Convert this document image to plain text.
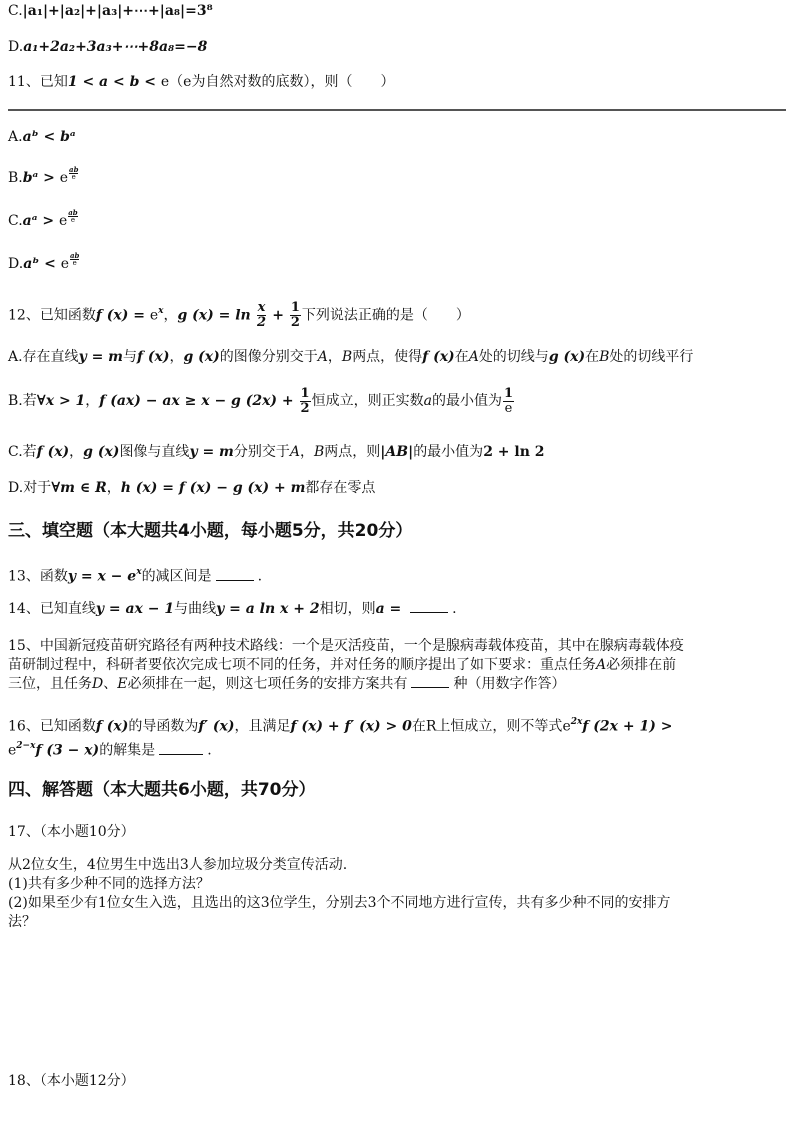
C.|a₁|+|a₂|+|a₃|+⋯+|a₈|=3⁸
D.a₁+2a₂+3a₃+⋯+8a₈=−8
11、已知1 < a < b < e（e为自然对数的底数），则（ ）
A.aᵇ < bᵃ
B.bᵃ > e $\frac{ab}{e}$
C.aᵃ > e $\frac{ab}{e}$
D.aᵇ < e $\frac{ab}{e}$
12、已知函数f $(x) = e^x$，g $(x) = \ln \frac{x}{2} + \frac{1}{2}$ 下列说法正确的是（ ）
A.存在直线y = m与f (x)，g (x)的图像分别交于A，B两点，使得f (x)在A处的切线与g (x)在B处的切线平行
B.若∀x > 1，f (ax) − ax ≥ x − g $(2x) + \frac{1}{2}$ 恒成立，则正实数a的最小值为 $\frac{1}{e}$
C.若f (x)，g (x)图像与直线y = m分别交于A，B两点，则|AB|的最小值为2 + ln 2
D.对于∀m ∈ R，h (x) = f (x) − g (x) + m都存在零点
三、填空题（本大题共4小题，每小题5分，共20分）
13、函数$y = x - e^x$的减区间是	.
14、已知直线y = ax − 1与曲线y = a ln x + 2相切，则a =	.
15、中国新冠疫苗研究路径有两种技术路线：一个是灭活疫苗，一个是腺病毒载体疫苗，其中在腺病毒载体疫
苗研制过程中，科研者要依次完成七项不同的任务，并对任务的顺序提出了如下要求：重点任务A必须排在前
三位，且任务D、E必须排在一起，则这七项任务的安排方案共有	种（用数字作答）
16、已知函数f (x)的导函数为f′ (x)，且满足f (x) + f′ (x) > 0在R上恒成立，则不等式$e^{2x}f$ (2x + 1) >
$e^{2-x}f$ (3 − x)的解集是	.
四、解答题（本大题共6小题，共70分）
17、（本小题10分）
从2位女生，4位男生中选出3人参加垃圾分类宣传活动.
(1)共有多少种不同的选择方法？
(2)如果至少有1位女生入选，且选出的这3位学生，分别去3个不同地方进行宣传，共有多少种不同的安排方
法？
18、（本小题12分）
